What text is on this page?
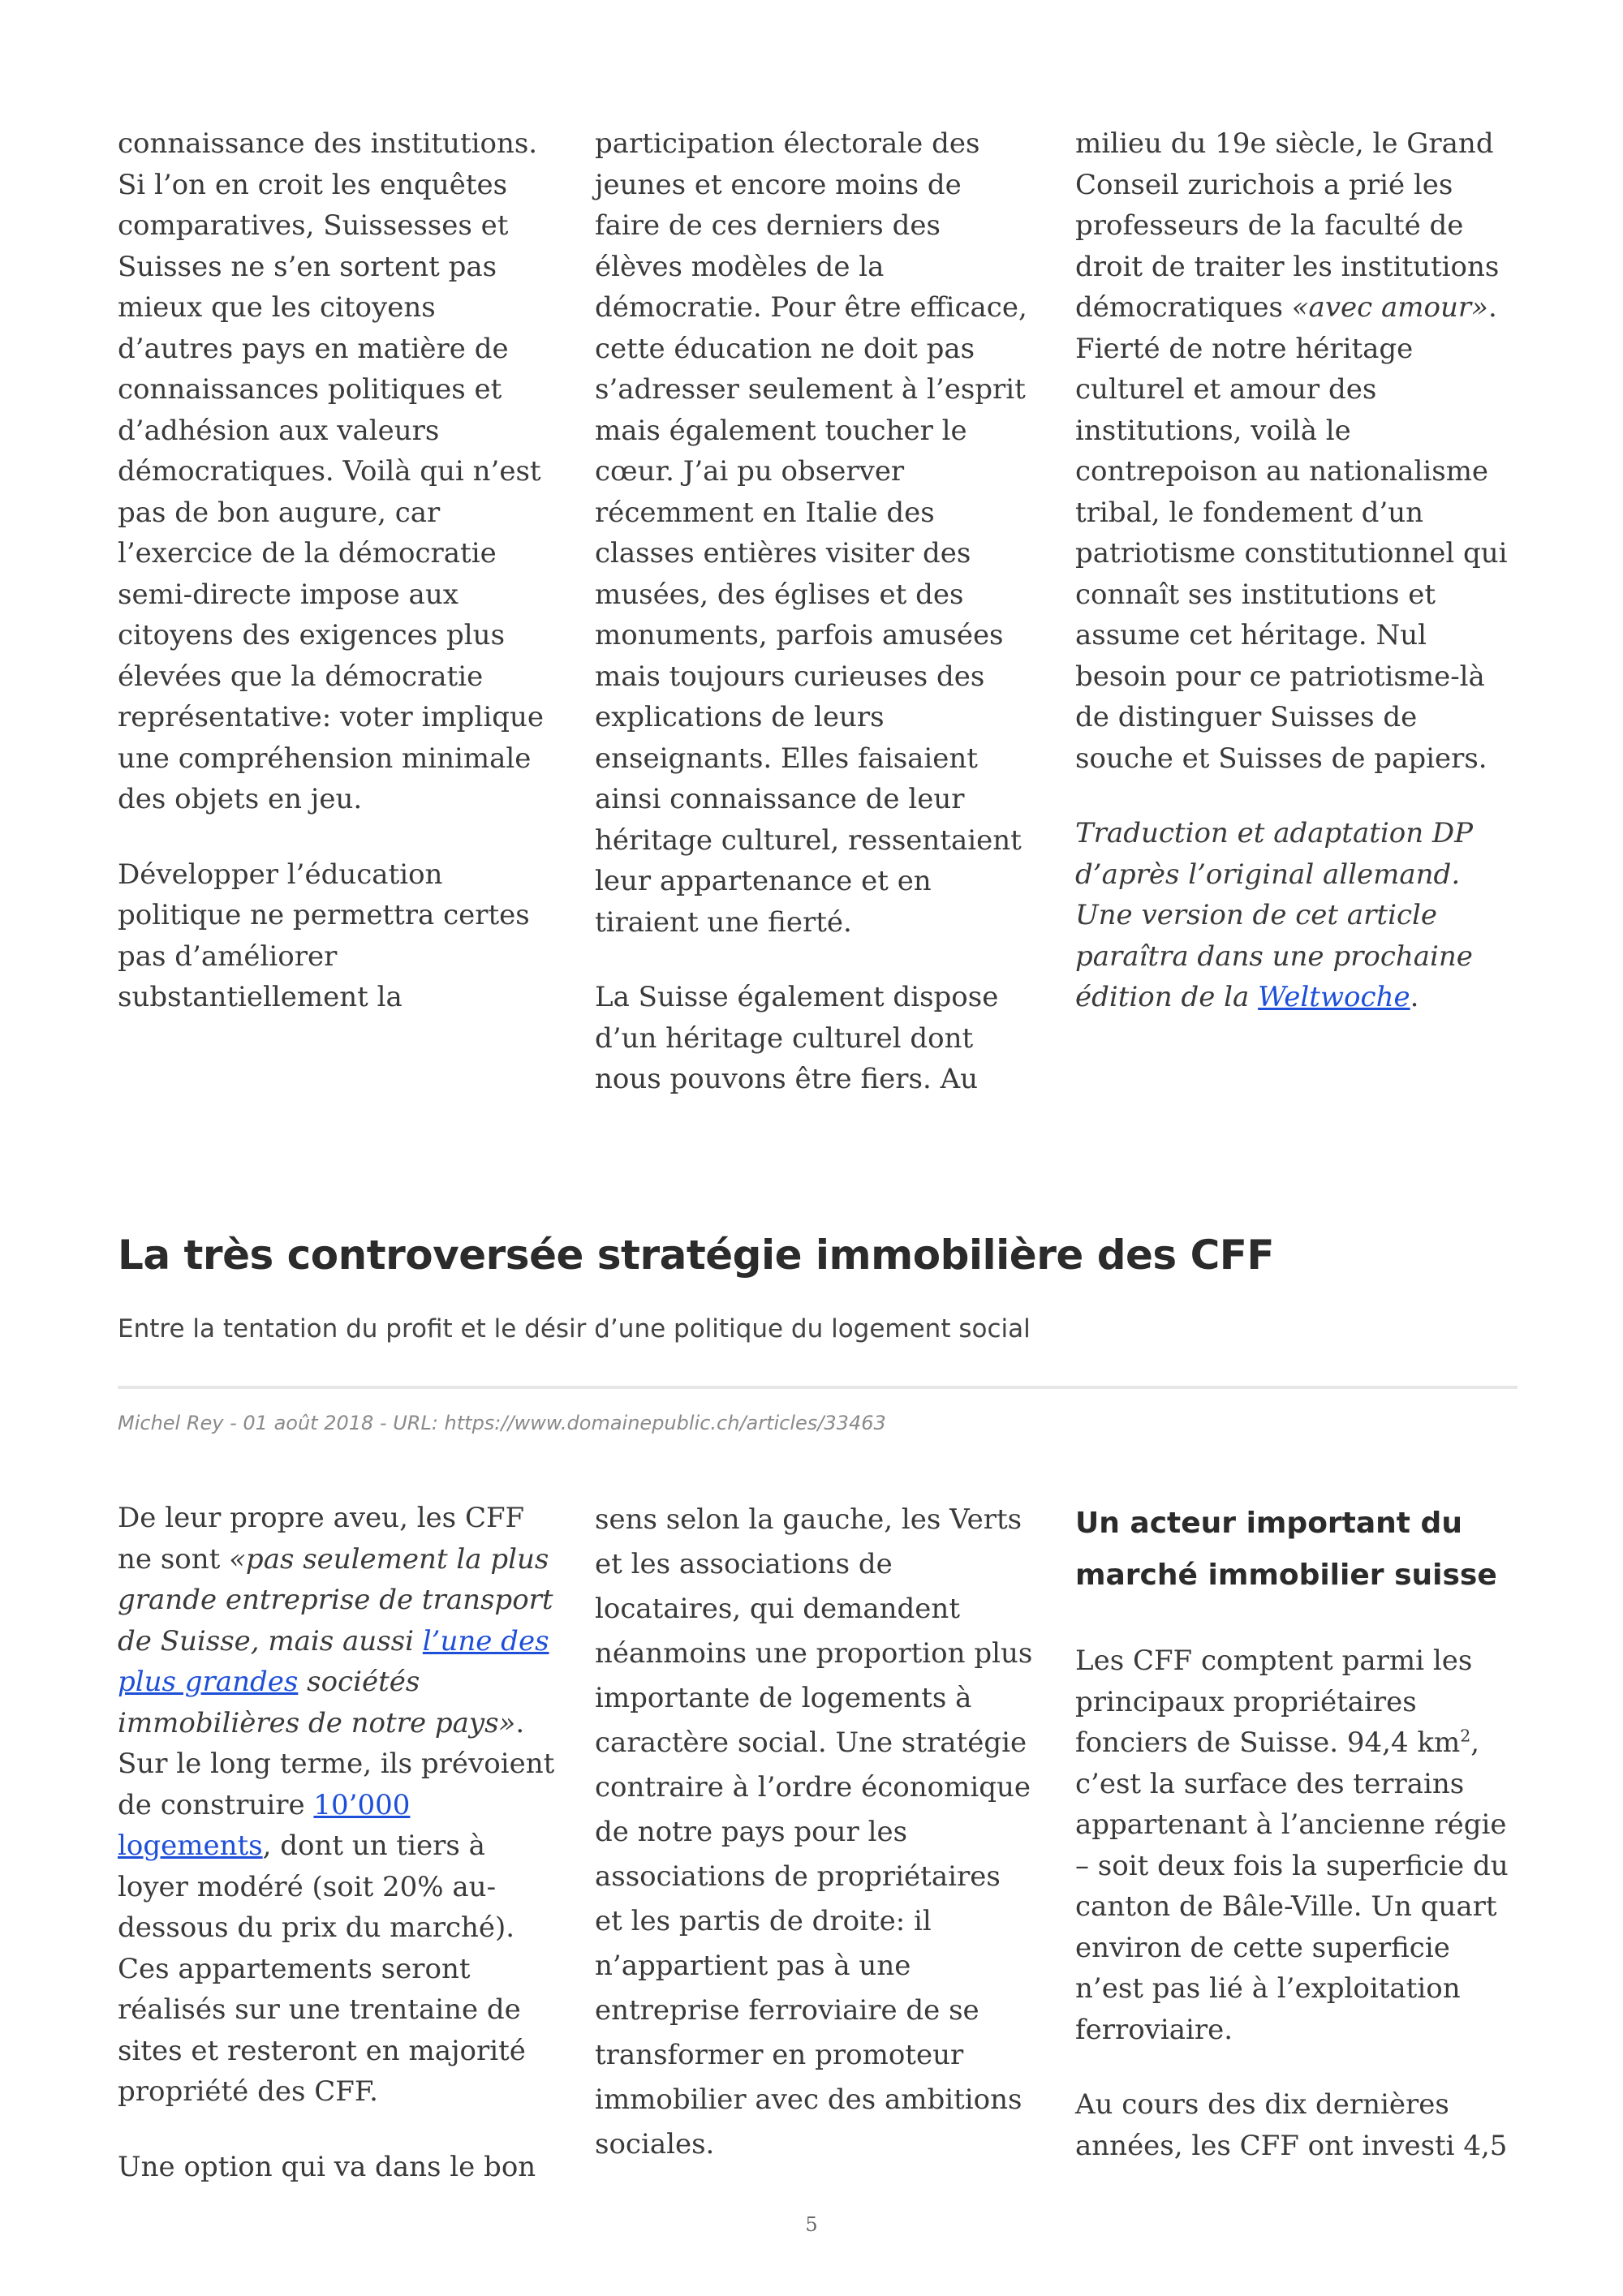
connaissance des institutions. Si l’on en croit les enquêtes comparatives, Suissesses et Suisses ne s’en sortent pas mieux que les citoyens d’autres pays en matière de connaissances politiques et d’adhésion aux valeurs démocratiques. Voilà qui n’est pas de bon augure, car l’exercice de la démocratie semi-directe impose aux citoyens des exigences plus élevées que la démocratie représentative: voter implique une compréhension minimale des objets en jeu.

Développer l’éducation politique ne permettra certes pas d’améliorer substantiellement la

participation électorale des jeunes et encore moins de faire de ces derniers des élèves modèles de la démocratie. Pour être efficace, cette éducation ne doit pas s’adresser seulement à l’esprit mais également toucher le cœur. J’ai pu observer récemment en Italie des classes entières visiter des musées, des églises et des monuments, parfois amusées mais toujours curieuses des explications de leurs enseignants. Elles faisaient ainsi connaissance de leur héritage culturel, ressentaient leur appartenance et en tiraient une fierté.

La Suisse également dispose d’un héritage culturel dont nous pouvons être fiers. Au

milieu du 19e siècle, le Grand Conseil zurichois a prié les professeurs de la faculté de droit de traiter les institutions démocratiques «avec amour». Fierté de notre héritage culturel et amour des institutions, voilà le contrepoison au nationalisme tribal, le fondement d’un patriotisme constitutionnel qui connaît ses institutions et assume cet héritage. Nul besoin pour ce patriotisme-là de distinguer Suisses de souche et Suisses de papiers.

Traduction et adaptation DP d’après l’original allemand. Une version de cet article paraîtra dans une prochaine édition de la Weltwoche.

La très controversée stratégie immobilière des CFF

Entre la tentation du profit et le désir d’une politique du logement social

Michel Rey - 01 août 2018 - URL: https://www.domainepublic.ch/articles/33463

De leur propre aveu, les CFF ne sont «pas seulement la plus grande entreprise de transport de Suisse, mais aussi l’une des plus grandes sociétés immobilières de notre pays». Sur le long terme, ils prévoient de construire 10’000 logements, dont un tiers à loyer modéré (soit 20% au-dessous du prix du marché). Ces appartements seront réalisés sur une trentaine de sites et resteront en majorité propriété des CFF.

Une option qui va dans le bon

sens selon la gauche, les Verts et les associations de locataires, qui demandent néanmoins une proportion plus importante de logements à caractère social. Une stratégie contraire à l’ordre économique de notre pays pour les associations de propriétaires et les partis de droite: il n’appartient pas à une entreprise ferroviaire de se transformer en promoteur immobilier avec des ambitions sociales.

Un acteur important du marché immobilier suisse

Les CFF comptent parmi les principaux propriétaires fonciers de Suisse. 94,4 $km^2$, c’est la surface des terrains appartenant à l’ancienne régie – soit deux fois la superficie du canton de Bâle-Ville. Un quart environ de cette superficie n’est pas lié à l’exploitation ferroviaire.

Au cours des dix dernières années, les CFF ont investi 4,5

5
